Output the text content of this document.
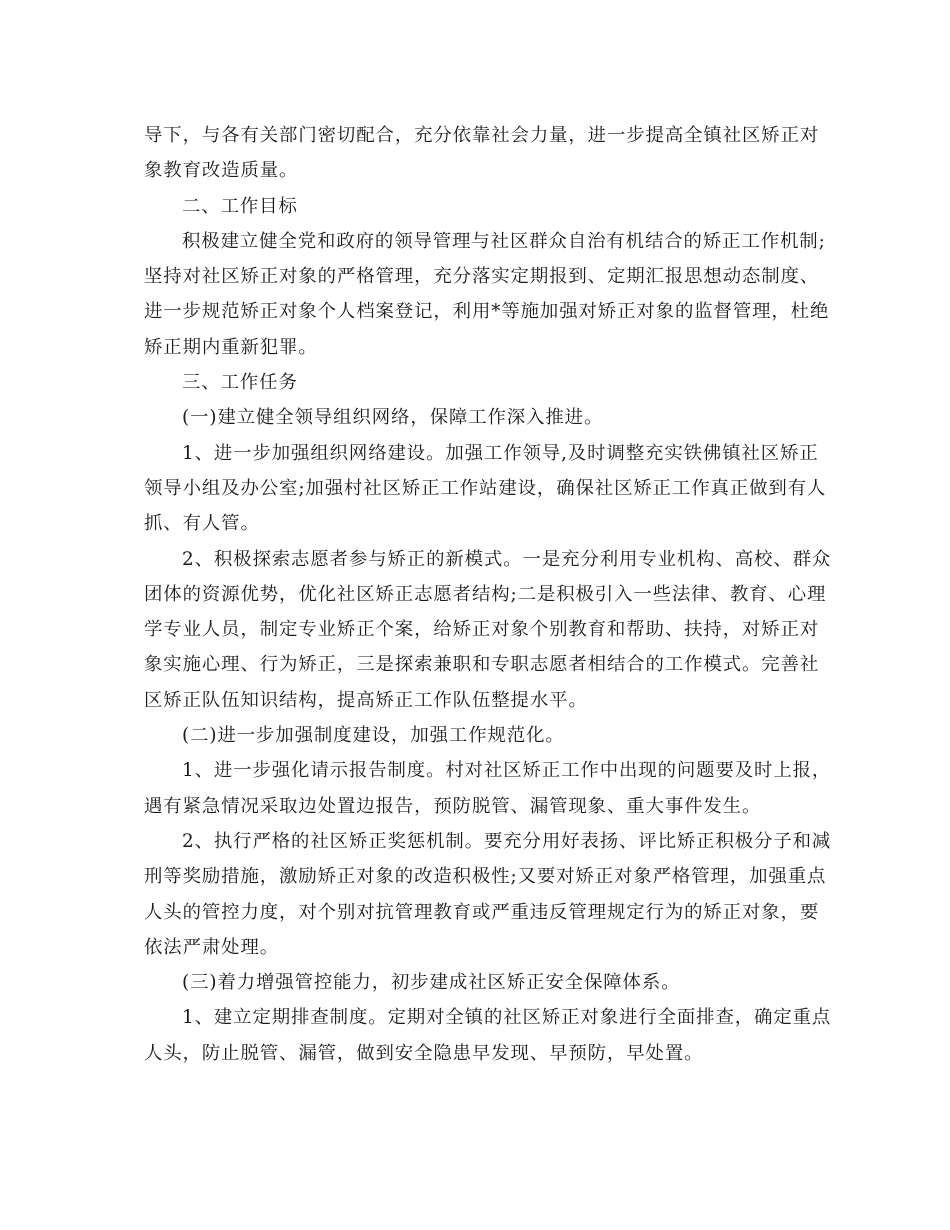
导下，与各有关部门密切配合，充分依靠社会力量，进一步提高全镇社区矫正对
象教育改造质量。
二、工作目标
积极建立健全党和政府的领导管理与社区群众自治有机结合的矫正工作机制;
坚持对社区矫正对象的严格管理，充分落实定期报到、定期汇报思想动态制度、
进一步规范矫正对象个人档案登记，利用*等施加强对矫正对象的监督管理，杜绝
矫正期内重新犯罪。
三、工作任务
(一)建立健全领导组织网络，保障工作深入推进。
1、进一步加强组织网络建设。加强工作领导,及时调整充实铁佛镇社区矫正
领导小组及办公室;加强村社区矫正工作站建设，确保社区矫正工作真正做到有人
抓、有人管。
2、积极探索志愿者参与矫正的新模式。一是充分利用专业机构、高校、群众
团体的资源优势，优化社区矫正志愿者结构;二是积极引入一些法律、教育、心理
学专业人员，制定专业矫正个案，给矫正对象个别教育和帮助、扶持，对矫正对
象实施心理、行为矫正，三是探索兼职和专职志愿者相结合的工作模式。完善社
区矫正队伍知识结构，提高矫正工作队伍整提水平。
(二)进一步加强制度建设，加强工作规范化。
1、进一步强化请示报告制度。村对社区矫正工作中出现的问题要及时上报，
遇有紧急情况采取边处置边报告，预防脱管、漏管现象、重大事件发生。
2、执行严格的社区矫正奖惩机制。要充分用好表扬、评比矫正积极分子和减
刑等奖励措施，激励矫正对象的改造积极性;又要对矫正对象严格管理，加强重点
人头的管控力度，对个别对抗管理教育或严重违反管理规定行为的矫正对象，要
依法严肃处理。
(三)着力增强管控能力，初步建成社区矫正安全保障体系。
1、建立定期排查制度。定期对全镇的社区矫正对象进行全面排查，确定重点
人头，防止脱管、漏管，做到安全隐患早发现、早预防，早处置。
